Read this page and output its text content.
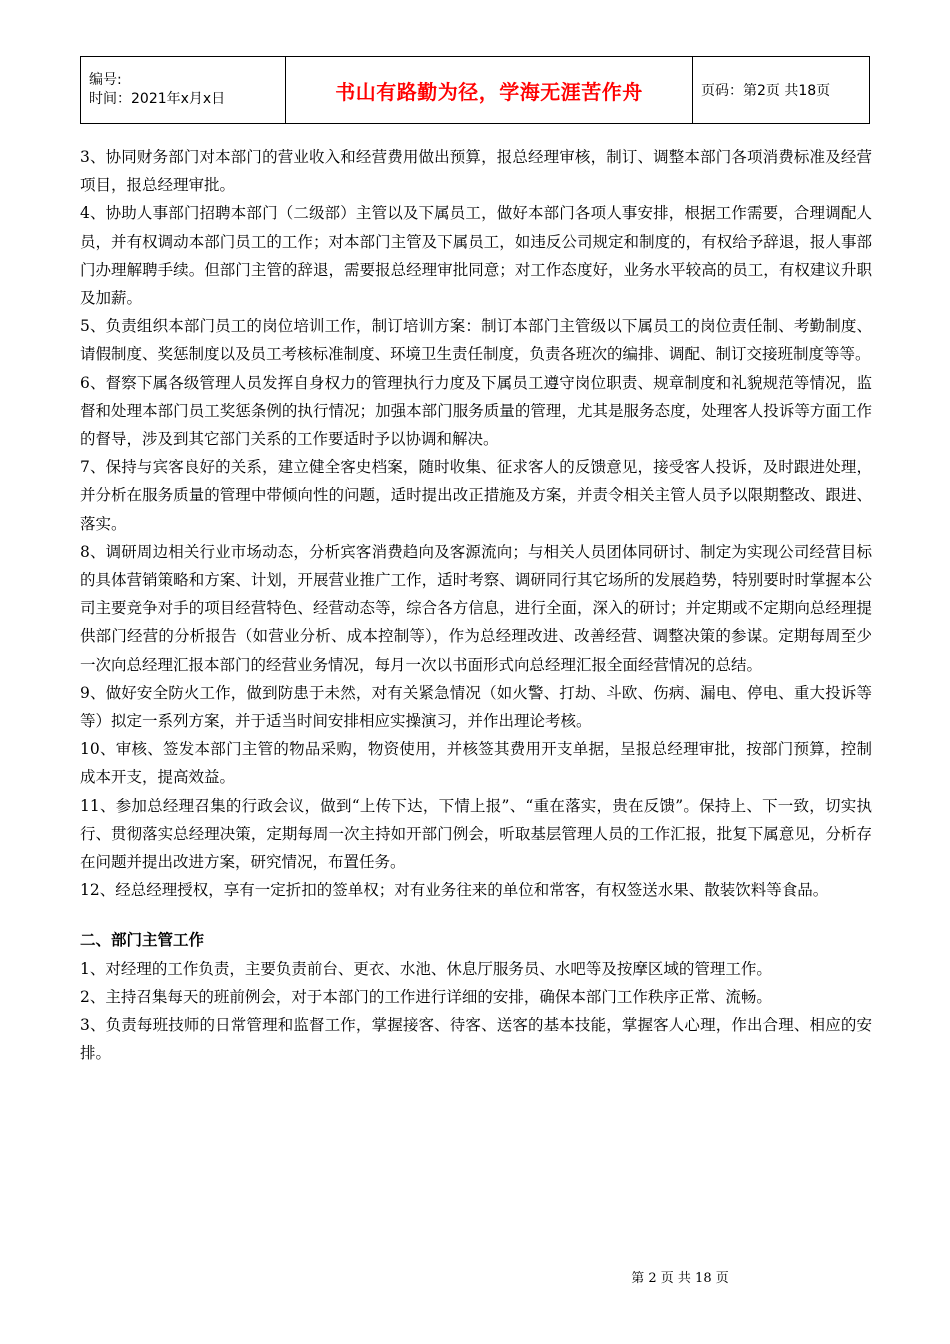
编号:
时间：2021年x月x日	书山有路勤为径，学海无涯苦作舟	页码：第2页 共18页

3、协同财务部门对本部门的营业收入和经营费用做出预算，报总经理审核，制订、调整本部门各项消费标准及经营项目，报总经理审批。

4、协助人事部门招聘本部门（二级部）主管以及下属员工，做好本部门各项人事安排，根据工作需要，合理调配人员，并有权调动本部门员工的工作；对本部门主管及下属员工，如违反公司规定和制度的，有权给予辞退，报人事部门办理解聘手续。但部门主管的辞退，需要报总经理审批同意；对工作态度好，业务水平较高的员工，有权建议升职及加薪。

5、负责组织本部门员工的岗位培训工作，制订培训方案：制订本部门主管级以下属员工的岗位责任制、考勤制度、请假制度、奖惩制度以及员工考核标准制度、环境卫生责任制度，负责各班次的编排、调配、制订交接班制度等等。

6、督察下属各级管理人员发挥自身权力的管理执行力度及下属员工遵守岗位职责、规章制度和礼貌规范等情况，监督和处理本部门员工奖惩条例的执行情况；加强本部门服务质量的管理，尤其是服务态度，处理客人投诉等方面工作的督导，涉及到其它部门关系的工作要适时予以协调和解决。

7、保持与宾客良好的关系，建立健全客史档案，随时收集、征求客人的反馈意见，接受客人投诉，及时跟进处理，并分析在服务质量的管理中带倾向性的问题，适时提出改正措施及方案，并责令相关主管人员予以限期整改、跟进、落实。

8、调研周边相关行业市场动态，分析宾客消费趋向及客源流向；与相关人员团体同研讨、制定为实现公司经营目标的具体营销策略和方案、计划，开展营业推广工作，适时考察、调研同行其它场所的发展趋势，特别要时时掌握本公司主要竞争对手的项目经营特色、经营动态等，综合各方信息，进行全面，深入的研讨；并定期或不定期向总经理提供部门经营的分析报告（如营业分析、成本控制等），作为总经理改进、改善经营、调整决策的参谋。定期每周至少一次向总经理汇报本部门的经营业务情况，每月一次以书面形式向总经理汇报全面经营情况的总结。

9、做好安全防火工作，做到防患于未然，对有关紧急情况（如火警、打劫、斗欧、伤病、漏电、停电、重大投诉等等）拟定一系列方案，并于适当时间安排相应实操演习，并作出理论考核。

10、审核、签发本部门主管的物品采购，物资使用，并核签其费用开支单据，呈报总经理审批，按部门预算，控制成本开支，提高效益。

11、参加总经理召集的行政会议，做到“上传下达，下情上报”、“重在落实，贵在反馈”。保持上、下一致，切实执行、贯彻落实总经理决策，定期每周一次主持如开部门例会，听取基层管理人员的工作汇报，批复下属意见，分析存在问题并提出改进方案，研究情况，布置任务。

12、经总经理授权，享有一定折扣的签单权；对有业务往来的单位和常客，有权签送水果、散装饮料等食品。

二、部门主管工作

1、对经理的工作负责，主要负责前台、更衣、水池、休息厅服务员、水吧等及按摩区域的管理工作。

2、主持召集每天的班前例会，对于本部门的工作进行详细的安排，确保本部门工作秩序正常、流畅。

3、负责每班技师的日常管理和监督工作，掌握接客、待客、送客的基本技能，掌握客人心理，作出合理、相应的安排。

第 2 页 共 18 页
